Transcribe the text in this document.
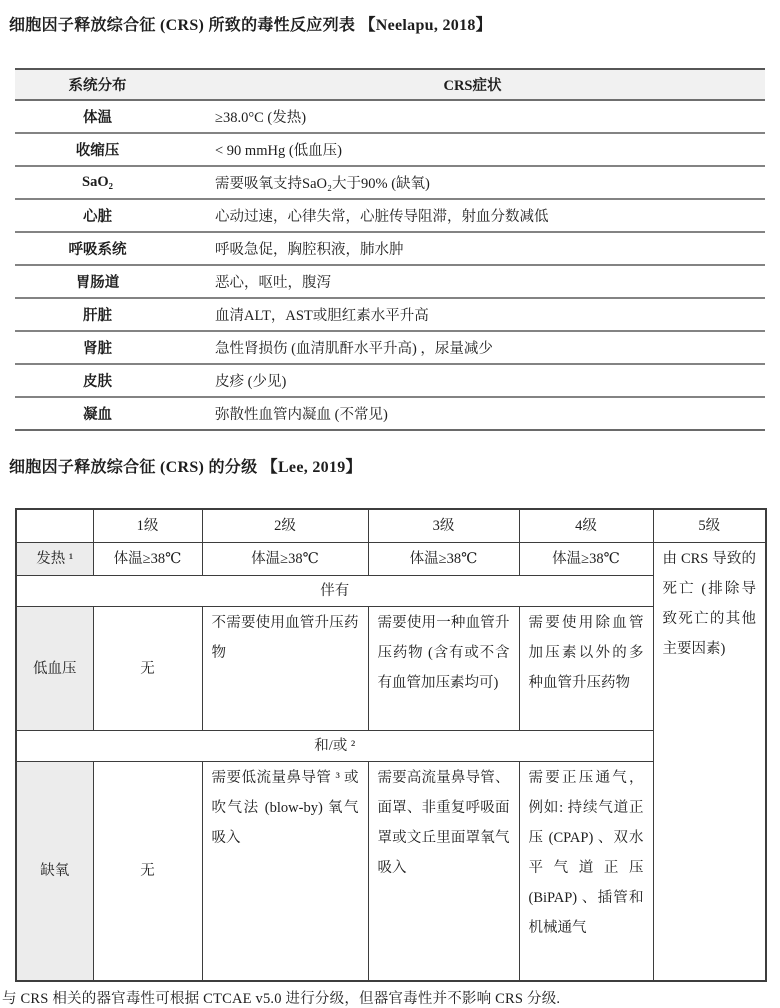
细胞因子释放综合征 (CRS) 所致的毒性反应列表 【Neelapu, 2018】

系统分布	CRS症状
体温	≥38.0°C (发热)
收缩压	< 90 mmHg (低血压)
SaO₂	需要吸氧支持SaO₂大于90% (缺氧)
心脏	心动过速，心律失常，心脏传导阻滞，射血分数减低
呼吸系统	呼吸急促，胸腔积液，肺水肿
胃肠道	恶心，呕吐，腹泻
肝脏	血清ALT，AST或胆红素水平升高
肾脏	急性肾损伤 (血清肌酐水平升高) ，尿量减少
皮肤	皮疹 (少见)
凝血	弥散性血管内凝血 (不常见)

细胞因子释放综合征 (CRS) 的分级 【Lee, 2019】

	1级	2级	3级	4级	5级
发热 ¹	体温≥38℃	体温≥38℃	体温≥38℃	体温≥38℃	由 CRS 导致的死亡 (排除导致死亡的其他主要因素)
伴有					
低血压	无	不需要使用血管升压药物	需要使用一种血管升压药物 (含有或不含有血管加压素均可)	需要使用除血管加压素以外的多种血管升压药物	
和/或 ²					
缺氧	无	需要低流量鼻导管 ³ 或吹气法 (blow-by) 氧气吸入	需要高流量鼻导管、面罩、非重复呼吸面罩或文丘里面罩氧气吸入	需要正压通气，例如: 持续气道正压 (CPAP) 、双水平气道正压 (BiPAP) 、插管和机械通气	

与 CRS 相关的器官毒性可根据 CTCAE v5.0 进行分级，但器官毒性并不影响 CRS 分级.
